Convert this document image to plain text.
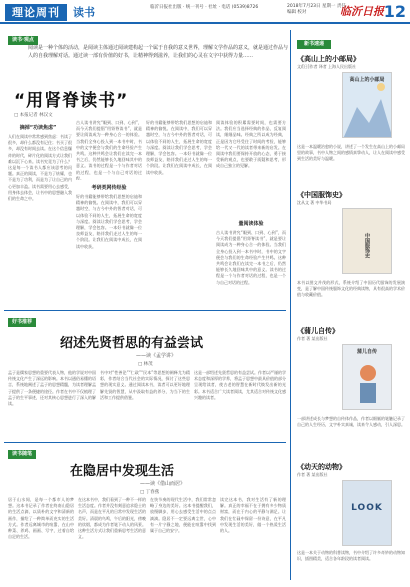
理论周刊	读书	临沂日报社出版 · 统一刊号 · 社址 · 电话 (0539)8726	2018年7月23日 星期一 责任编辑 校对	临沂日报 12
读书·观点
阅读是一种个体的活动，是阅读主体通过阅读建构起一个属于自我的意义世界，理解文学作品的意义，就是通过作品与人的自我理解对话。通过读一部有价值的好书，让精神得到滋养，让我们的心灵在文字中获得力量……
“用肾脊读书”
□ 本报记者 林汉文
摘掉“功读焦虑”
人们在阅读中常常感到焦虑：书读了很多，却什么都没有记住；书买了很多，却没有时间去读。在这个信息爆炸的时代，碎片化的阅读方式让我们难以沉下心来。读书究竟为了什么？这是每一个读书人都应该思考的问题。真正的阅读，不是为了炫耀，也不是为了功利，而是为了让自己的内心更加丰盈。读书需要用心去感受，用身体去体会，让书中的思想融入我们的生命之中。
古人读书讲究“眼到、口到、心到”，而今天我们提倡“用肾脊读书”，就是要让阅读成为一种身心合一的体验。当我们全身心投入到一本书中时，书中的文字便会与我们的生命经验产生共鸣。这种共鸣会让我们在读完一本书之后，仍然能够长久地回味其中的意义。读书的过程是一个与作者对话的过程，也是一个与自己对话的过程。
考研类网传经验
好的书籍能够带给我们思想的启迪和精神的愉悦。在阅读中，我们可以穿越时空，与古今中外的智者对话，可以体验不同的人生，拓展生命的宽度与深度。阅读让我们学会思考，学会理解，学会包容。一本好书就像一位良师益友，陪伴我们走过人生的每一个阶段。让我们在阅读中成长，在阅读中收获。
好的书籍能够带给我们思想的启迪和精神的愉悦。在阅读中，我们可以穿越时空，与古今中外的智者对话，可以体验不同的人生，拓展生命的宽度与深度。阅读让我们学会思考，学会理解，学会包容。一本好书就像一位良师益友，陪伴我们走过人生的每一个阶段。让我们在阅读中成长，在阅读中收获。
阅读体验的积累需要时间，也需要方法。我们应当选择经典的作品，反复阅读，细细品味。经典之所以成为经典，正是因为它经受住了时间的考验，能够给一代又一代的读者带来新的启发。在阅读中我们要保持开放的心态，勇于接受新的观点，也要敢于质疑和思考，形成自己独立的见解。
量阅读体验
古人读书讲究“眼到、口到、心到”，而今天我们提倡“用肾脊读书”，就是要让阅读成为一种身心合一的体验。当我们全身心投入到一本书中时，书中的文字便会与我们的生命经验产生共鸣。这种共鸣会让我们在读完一本书之后，仍然能够长久地回味其中的意义。读书的过程是一个与作者对话的过程，也是一个与自己对话的过程。
好书推荐
绍述先贤哲思的有益尝试
——读《孟学讲》
□ 林茂
孟子是儒家思想的重要代表人物，他的学说对中国传统文化产生了深远的影响。本书以通俗易懂的语言，系统地阐述了孟子的思想精髓，为读者理解孟子提供了一条便捷的途径。作者在书中不仅梳理了孟子的生平事迹，还对其核心思想进行了深入的解读。
书中对“性善论”“仁政”“民本”等思想的阐释尤为精彩，作者结合当代社会的实际情况，探讨了这些思想的现实意义。通过阅读本书，读者可以更好地理解先贤的智慧，从中汲取有益的养分，为当下的生活和工作提供借鉴。
这是一部绍述先贤哲思的有益尝试。作者以严谨的学术态度和深厚的学养，将孟子思想中最具价值的部分呈现给读者，使古老的智慧在新时代焕发出新的光彩。本书适合广大读者阅读，尤其适合对传统文化感兴趣的读者。
读书随笔
在隐居中发现生活
——读《借山而居》
□ 丁春燕
居于山水间，是每一个都市人的梦想。这本书记录了作者在终南山隐居的生活点滴，以质朴的文字和清新的画作，描绘了一种简单而充实的生活方式。作者远离城市的喧嚣，在山中种菜、养鸡、画画、写字，过着自给自足的生活。
在这本书中，我们看到了一种不一样的生活态度。作者并没有刻意追求隐士的名声，而是在平凡的日常中发现生活的美好。清晨的鸟鸣，午后的阳光，傍晚的炊烟，都成为作者笔下动人的风景。这种生活方式让我们重新思考生活的意义。
在快节奏的现代生活中，我们常常忽略了身边的美好。这本书提醒我们，放慢脚步，用心去感受生活中的点点滴滴。隐居不一定要远离尘世，心中有一片宁静之地，便能在喧嚣中找到属于自己的安宁。
读完这本书，我对生活有了新的理解。真正的幸福不在于拥有多少物质财富，而在于内心的平静与满足。让我们在忙碌中保留一份诗意，在平凡中发现生活的美好，做一个热爱生活的人。
新书速递
《高山上的小邮局》
文/[日]作者 译者 上海人民出版社
高山上的小邮局
这是一本温暖治愈的小说，讲述了一个发生在高山上的小邮局里的故事，书中人物之间的感情真挚动人，让人在阅读中感受到生活的美好与温暖。
《中国服饰史》
沈从文 著 中华书局
中国服饰史
本书以图文并茂的形式，系统介绍了中国历代服饰的发展演变，是了解中国传统服饰文化的经典读物，具有很高的学术价值与收藏价值。
《蒲儿自传》
作者 著 某出版社
蒲儿自传
一部讲述成长与梦想的自传体作品，作者以细腻的笔触记录了自己的人生经历，文字朴实真诚，读来令人感动，引人深思。
《动天的动物》
作者 著 某出版社
LOOK
这是一本关于动物的科普读物，书中介绍了许多奇妙的动物知识，插图精美，适合各年龄段的读者阅读。
